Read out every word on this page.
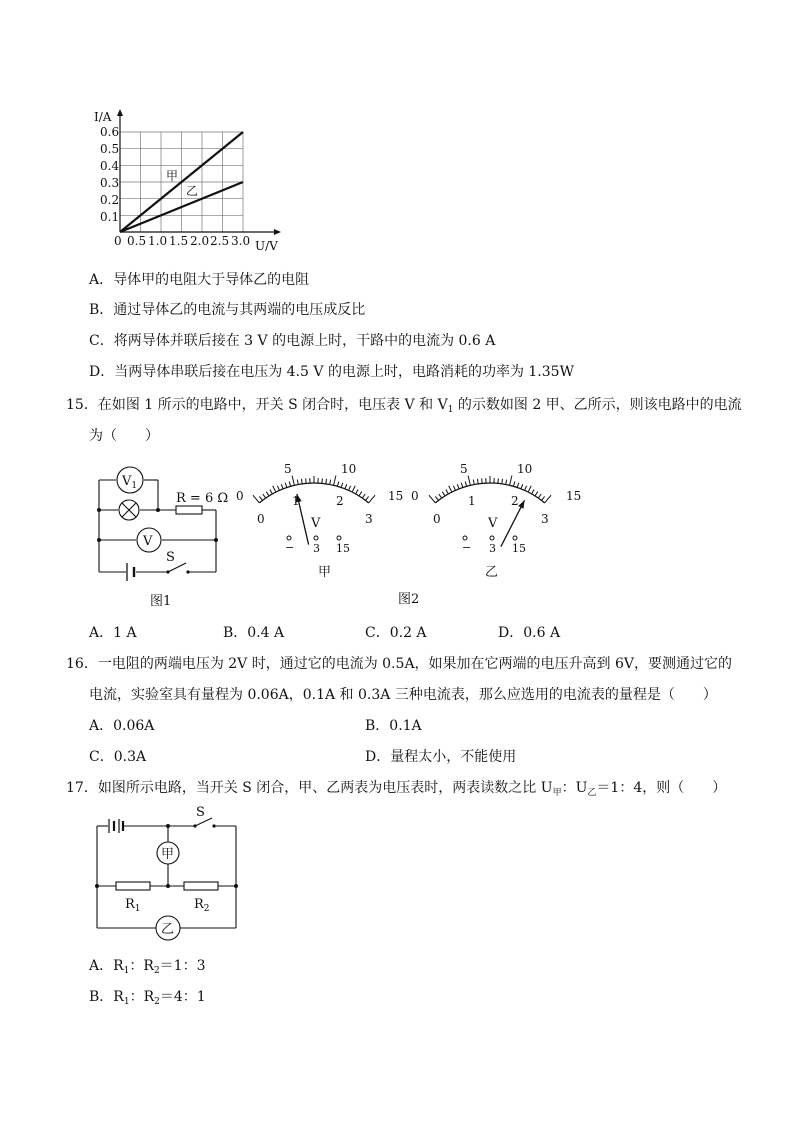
I/A
U/V
0
0.6
0.5
0.4
0.3
0.2
0.1
0.5 1.0 1.5 2.0 2.5 3.0
甲
乙
A．导体甲的电阻大于导体乙的电阻
B．通过导体乙的电流与其两端的电压成反比
C．将两导体并联后接在 3 V 的电源上时，干路中的电流为 0.6 A
D．当两导体串联后接在电压为 4.5 V 的电源上时，电路消耗的功率为 1.35W
15．在如图 1 所示的电路中，开关 S 闭合时，电压表 V 和 $V_1$ 的示数如图 2 甲、乙所示，则该电路中的电流
为（　　）
$V_1$
R = 6 Ω
V
S
图1
0
5	10
15
0
1	2
3
V
− 3 15
甲
0
5	10
15
0
1	2
3
V
− 3 15
乙
图2
A．1 A	B．0.4 A	C．0.2 A	D．0.6 A
16．一电阻的两端电压为 2V 时，通过它的电流为 0.5A，如果加在它两端的电压升高到 6V，要测通过它的
电流，实验室具有量程为 0.06A，0.1A 和 0.3A 三种电流表，那么应选用的电流表的量程是（　　）
A．0.06A	B．0.1A
C．0.3A	D．量程太小，不能使用
17．如图所示电路，当开关 S 闭合，甲、乙两表为电压表时，两表读数之比 $U_甲$：$U_乙=1$：4，则（　　）
S
甲
$R_1$	$R_2$
乙
A．$R_1$：$R_2=1$：3
B．$R_1$：$R_2=4$：1
